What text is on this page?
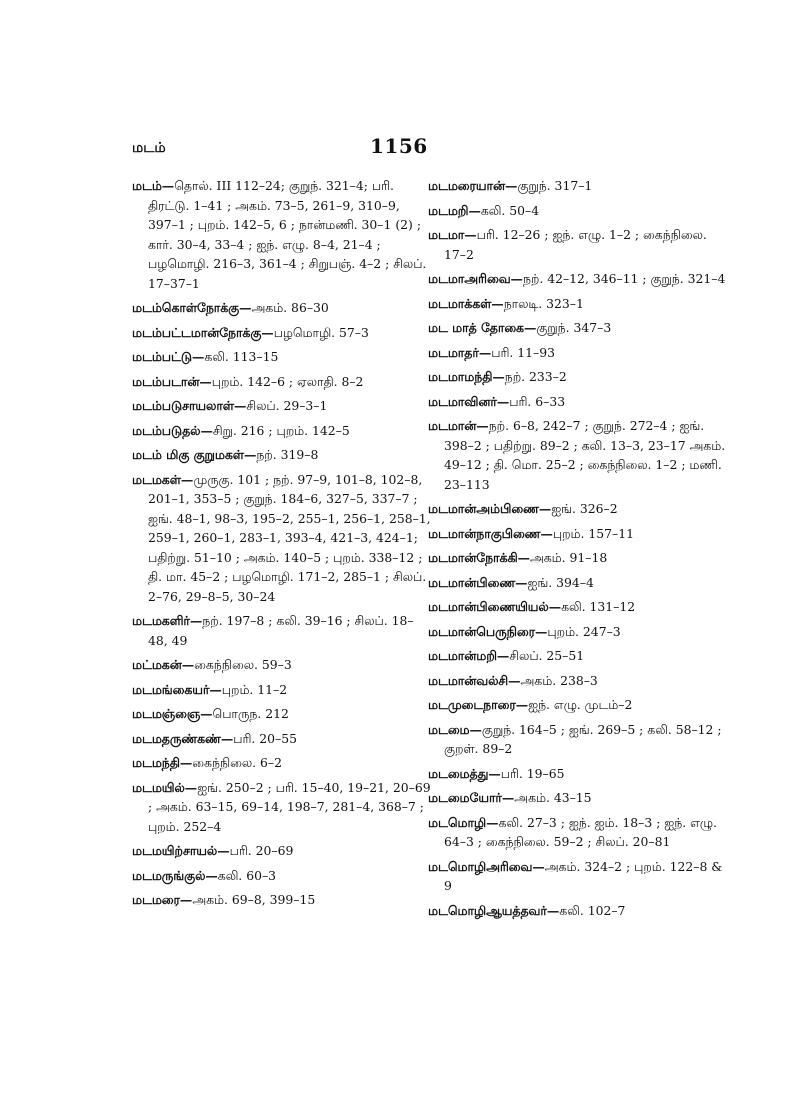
மடம்	1156

மடம்—தொல். III 112–24; குறுந். 321–4; பரி. திரட்டு. 1–41 ; அகம். 73–5, 261–9, 310–9, 397–1 ; புறம். 142–5, 6 ; நான்மணி. 30–1 (2) ; கார். 30–4, 33–4 ; ஐந். எழு. 8–4, 21–4 ; பழமொழி. 216–3, 361–4 ; சிறுபஞ். 4–2 ; சிலப். 17–37–1

மடம்கொள்நோக்கு—அகம். 86–30

மடம்பட்டமான்நோக்கு—பழமொழி. 57–3

மடம்பட்டு—கலி. 113–15

மடம்படான்—புறம். 142–6 ; ஏலாதி. 8–2

மடம்படுசாயலாள்—சிலப். 29–3–1

மடம்படுதல்—சிறு. 216 ; புறம். 142–5

மடம் மிகு குறுமகள்—நற். 319–8

மடமகள்—முருகு. 101 ; நற். 97–9, 101–8, 102–8, 201–1, 353–5 ; குறுந். 184–6, 327–5, 337–7 ; ஐங். 48–1, 98–3, 195–2, 255–1, 256–1, 258–1, 259–1, 260–1, 283–1, 393–4, 421–3, 424–1; பதிற்று. 51–10 ; அகம். 140–5 ; புறம். 338–12 ; தி. மா. 45–2 ; பழமொழி. 171–2, 285–1 ; சிலப். 2–76, 29–8–5, 30–24

மடமகளிர்—நற். 197–8 ; கலி. 39–16 ; சிலப். 18–48, 49

மட்மகன்—கைந்நிலை. 59–3

மடமங்கையர்—புறம். 11–2

மடமஞ்ஞை—பொருந. 212

மடமதருண்கண்—பரி. 20–55

மடமந்தி—கைந்நிலை. 6–2

மடமயில்—ஐங். 250–2 ; பரி. 15–40, 19–21, 20–69 ; அகம். 63–15, 69–14, 198–7, 281–4, 368–7 ; புறம். 252–4

மடமயிற்சாயல்—பரி. 20–69

மடமருங்குல்—கலி. 60–3

மடமரை—அகம். 69–8, 399–15

மடமரையான்—குறுந். 317–1

மடமறி—கலி. 50–4

மடமா—பரி. 12–26 ; ஐந். எழு. 1–2 ; கைந்நிலை. 17–2

மடமாஅரிவை—நற். 42–12, 346–11 ; குறுந். 321–4

மடமாக்கள்—நாலடி. 323–1

மட மாத் தோகை—குறுந். 347–3

மடமாதர்—பரி. 11–93

மடமாமந்தி—நற். 233–2

மடமாவினர்—பரி. 6–33

மடமான்—நற். 6–8, 242–7 ; குறுந். 272–4 ; ஐங். 398–2 ; பதிற்று. 89–2 ; கலி. 13–3, 23–17 அகம். 49–12 ; தி. மொ. 25–2 ; கைந்நிலை. 1–2 ; மணி. 23–113

மடமான்அம்பிணை—ஐங். 326–2

மடமான்நாகுபிணை—புறம். 157–11

மடமான்நோக்கி—அகம். 91–18

மடமான்பிணை—ஐங். 394–4

மடமான்பிணையியல்—கலி. 131–12

மடமான்பெருநிரை—புறம். 247–3

மடமான்மறி—சிலப். 25–51

மடமான்வல்சி—அகம். 238–3

மடமுடைநாரை—ஐந். எழு. முடம்–2

மடமை—குறுந். 164–5 ; ஐங். 269–5 ; கலி. 58–12 ; குறள். 89–2

மடமைத்து—பரி. 19–65

மடமையோர்—அகம். 43–15

மடமொழி—கலி. 27–3 ; ஐந். ஐம். 18–3 ; ஐந். எழு. 64–3 ; கைந்நிலை. 59–2 ; சிலப். 20–81

மடமொழிஅரிவை—அகம். 324–2 ; புறம். 122–8 & 9

மடமொழிஆயத்தவர்—கலி. 102–7
